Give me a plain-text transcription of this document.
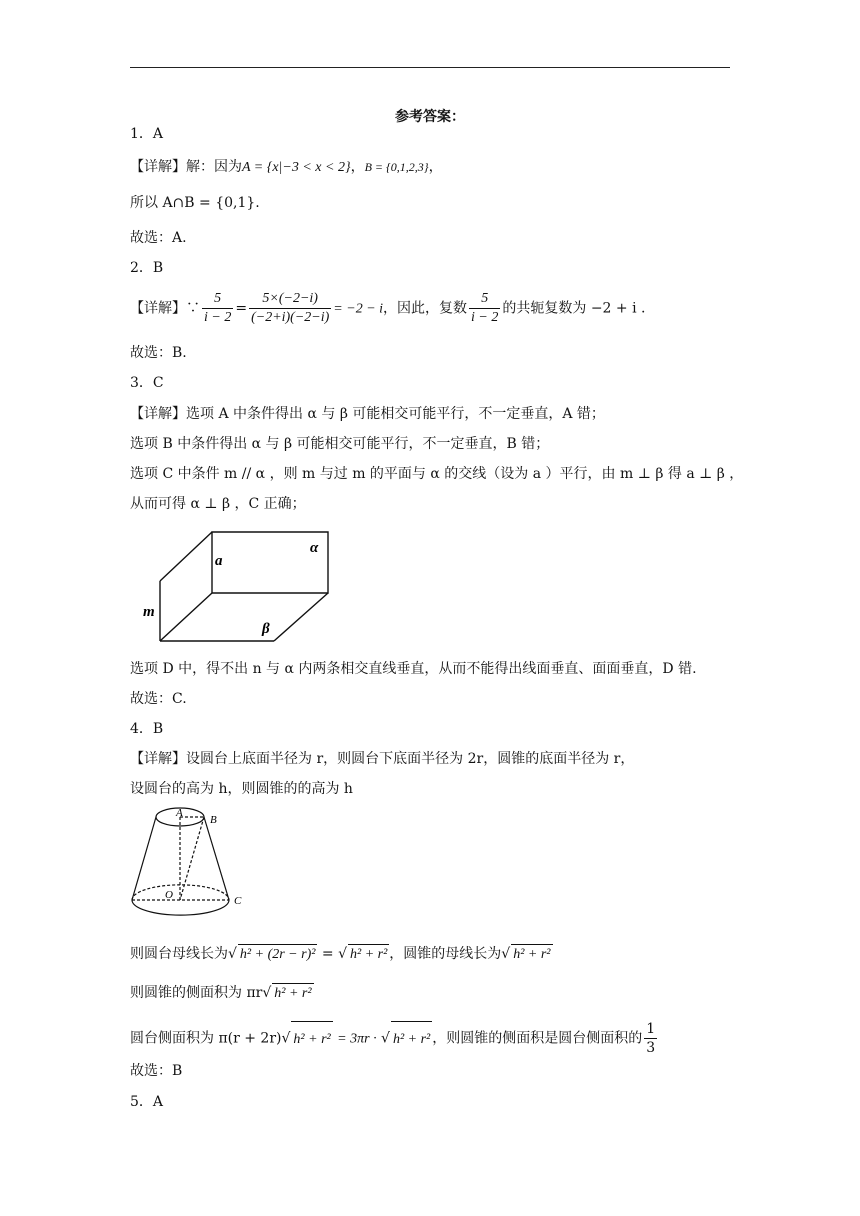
参考答案：
1．A
【详解】解：因为A = {x|−3 < x < 2}，B = {0,1,2,3}，
所以 A∩B = {0,1}.
故选：A.
2．B
【详解】∵ $\frac{5}{i - 2} = \frac{5\times(-2-i)}{(-2+i)(-2-i)} = -2 - i$，因此，复数 $\frac{5}{i - 2}$ 的共轭复数为 −2 + i .
故选：B.
3．C
【详解】选项 A 中条件得出 α 与 β 可能相交可能平行，不一定垂直，A 错；
选项 B 中条件得出 α 与 β 可能相交可能平行，不一定垂直，B 错；
选项 C 中条件 m // α ，则 m 与过 m 的平面与 α 的交线（设为 a ）平行，由 m ⊥ β 得 a ⊥ β ，
从而可得 α ⊥ β ，C 正确；
a
α
m
β
选项 D 中，得不出 n 与 α 内两条相交直线垂直，从而不能得出线面垂直、面面垂直，D 错.
故选：C.
4．B
【详解】设圆台上底面半径为 r，则圆台下底面半径为 2r，圆锥的底面半径为 r，
设圆台的高为 h，则圆锥的的高为 h
A
B
O	C
则圆台母线长为√ h² + (2r − r)² = √ h² + r² ，圆锥的母线长为√ h² + r²
则圆锥的侧面积为 πr√ h² + r²
圆台侧面积为 π(r + 2r)√ h² + r² = 3πr · √ h² + r² ，则圆锥的侧面积是圆台侧面积的 $\frac{1}{3}$
故选：B
5．A
